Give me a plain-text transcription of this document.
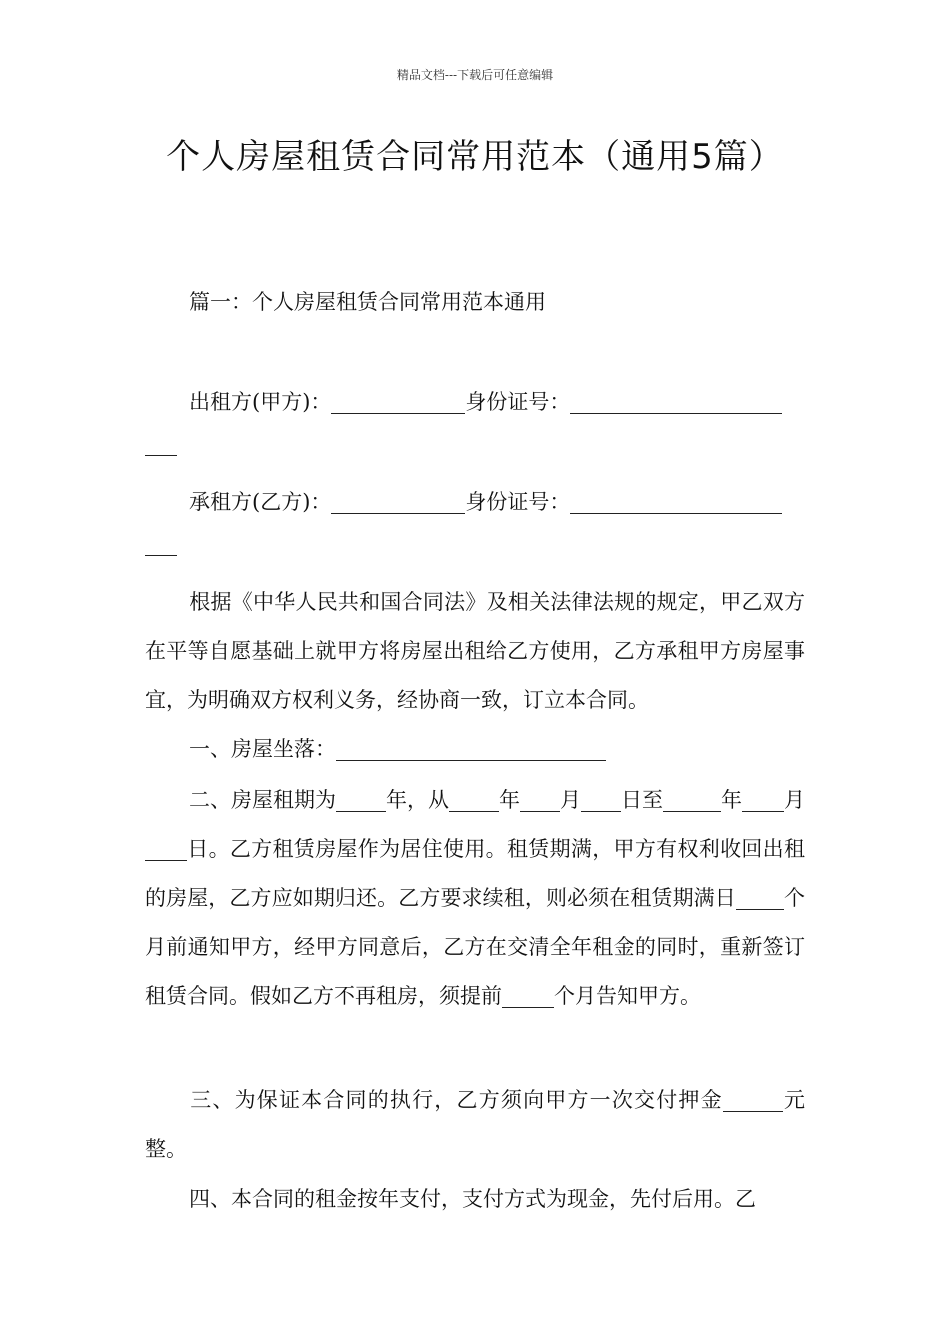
精品文档---下载后可任意编辑
个人房屋租赁合同常用范本（通用5篇）
篇一：个人房屋租赁合同常用范本通用
出租方(甲方)：	身份证号：
承租方(乙方)：	身份证号：
根据《中华人民共和国合同法》及相关法律法规的规定，甲乙双方在平等自愿基础上就甲方将房屋出租给乙方使用，乙方承租甲方房屋事宜，为明确双方权利义务，经协商一致，订立本合同。
一、房屋坐落：
二、房屋租期为 年，从 年 月 日至	年 月日。乙方租赁房屋作为居住使用。租赁期满，甲方有权利收回出租的房屋，乙方应如期归还。乙方要求续租，则必须在租赁期满日 个月前通知甲方，经甲方同意后，乙方在交清全年租金的同时，重新签订租赁合同。假如乙方不再租房，须提前 个月告知甲方。
三、为保证本合同的执行，乙方须向甲方一次交付押金	元整。
四、本合同的租金按年支付，支付方式为现金，先付后用。乙
